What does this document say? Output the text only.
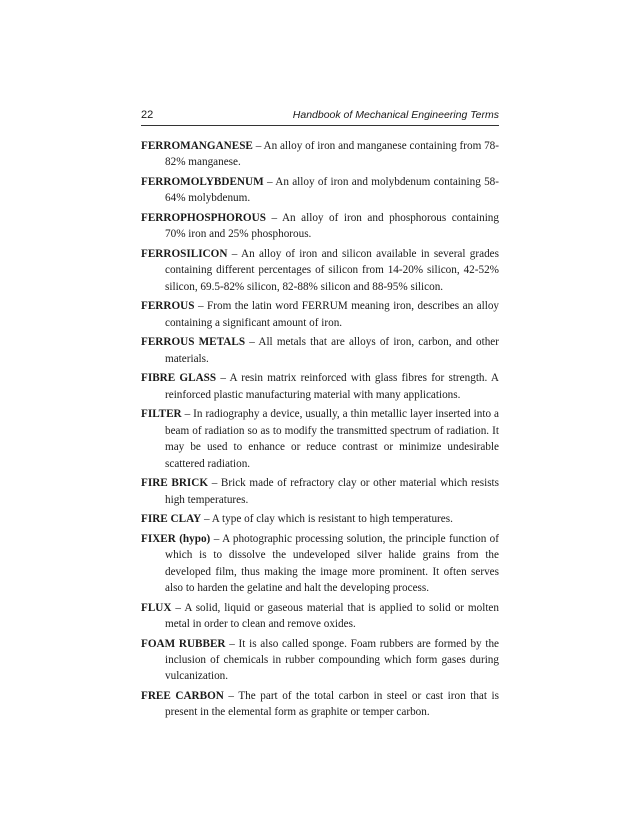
22	Handbook of Mechanical Engineering Terms

FERROMANGANESE – An alloy of iron and manganese containing from 78-82% manganese.

FERROMOLYBDENUM – An alloy of iron and molybdenum containing 58-64% molybdenum.

FERROPHOSPHOROUS – An alloy of iron and phosphorous containing 70% iron and 25% phosphorous.

FERROSILICON – An alloy of iron and silicon available in several grades containing different percentages of silicon from 14-20% silicon, 42-52% silicon, 69.5-82% silicon, 82-88% silicon and 88-95% silicon.

FERROUS – From the latin word FERRUM meaning iron, describes an alloy containing a significant amount of iron.

FERROUS METALS – All metals that are alloys of iron, carbon, and other materials.

FIBRE GLASS – A resin matrix reinforced with glass fibres for strength. A reinforced plastic manufacturing material with many applications.

FILTER – In radiography a device, usually, a thin metallic layer inserted into a beam of radiation so as to modify the transmitted spectrum of radiation. It may be used to enhance or reduce contrast or minimize undesirable scattered radiation.

FIRE BRICK – Brick made of refractory clay or other material which resists high temperatures.

FIRE CLAY – A type of clay which is resistant to high temperatures.

FIXER (hypo) – A photographic processing solution, the principle function of which is to dissolve the undeveloped silver halide grains from the developed film, thus making the image more prominent. It often serves also to harden the gelatine and halt the developing process.

FLUX – A solid, liquid or gaseous material that is applied to solid or molten metal in order to clean and remove oxides.

FOAM RUBBER – It is also called sponge. Foam rubbers are formed by the inclusion of chemicals in rubber compounding which form gases during vulcanization.

FREE CARBON – The part of the total carbon in steel or cast iron that is present in the elemental form as graphite or temper carbon.
